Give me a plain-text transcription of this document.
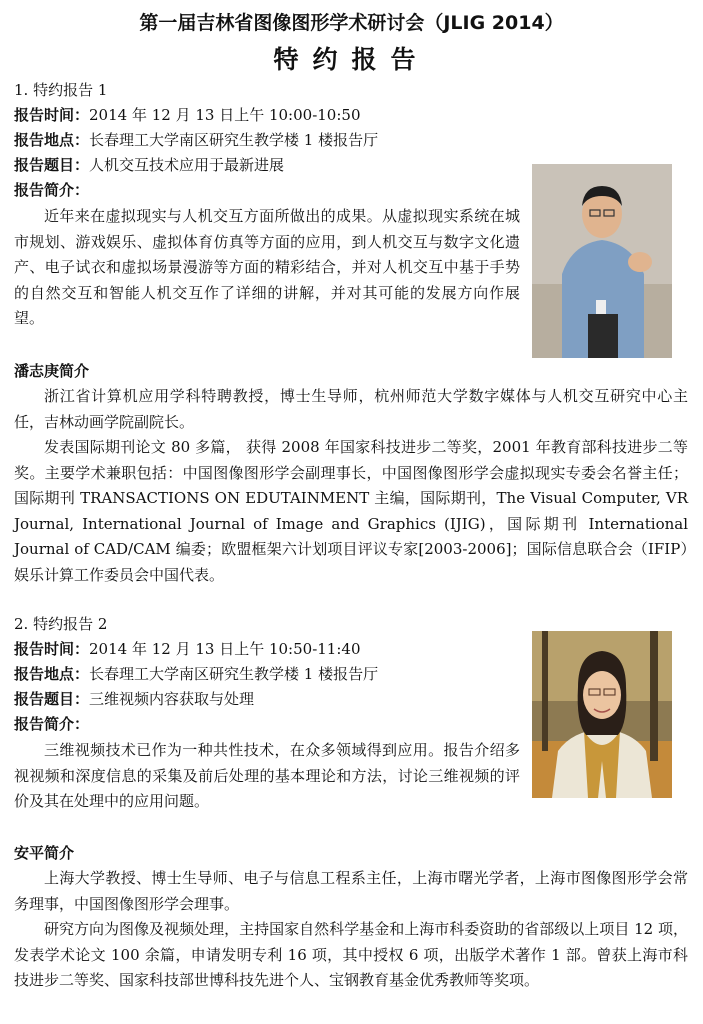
第一届吉林省图像图形学术研讨会（JLIG 2014）
特约报告
1. 特约报告 1
报告时间：2014 年 12 月 13 日上午 10:00-10:50
报告地点：长春理工大学南区研究生教学楼 1 楼报告厅
报告题目：人机交互技术应用于最新进展
报告简介：
近年来在虚拟现实与人机交互方面所做出的成果。从虚拟现实系统在城市规划、游戏娱乐、虚拟体育仿真等方面的应用，到人机交互与数字文化遗产、电子试衣和虚拟场景漫游等方面的精彩结合，并对人机交互中基于手势的自然交互和智能人机交互作了详细的讲解，并对其可能的发展方向作展望。
潘志庚简介
浙江省计算机应用学科特聘教授，博士生导师，杭州师范大学数字媒体与人机交互研究中心主任，吉林动画学院副院长。
发表国际期刊论文 80 多篇， 获得 2008 年国家科技进步二等奖，2001 年教育部科技进步二等奖。主要学术兼职包括：中国图像图形学会副理事长，中国图像图形学会虚拟现实专委会名誉主任；国际期刊 TRANSACTIONS ON EDUTAINMENT 主编，国际期刊，The Visual Computer, VR Journal, International Journal of Image and Graphics (IJIG)，国际期刊 International Journal of CAD/CAM 编委；欧盟框架六计划项目评议专家[2003-2006]；国际信息联合会（IFIP）娱乐计算工作委员会中国代表。
2. 特约报告 2
报告时间：2014 年 12 月 13 日上午 10:50-11:40
报告地点：长春理工大学南区研究生教学楼 1 楼报告厅
报告题目：三维视频内容获取与处理
报告简介：
三维视频技术已作为一种共性技术，在众多领域得到应用。报告介绍多视视频和深度信息的采集及前后处理的基本理论和方法，讨论三维视频的评价及其在处理中的应用问题。
安平简介
上海大学教授、博士生导师、电子与信息工程系主任，上海市曙光学者，上海市图像图形学会常务理事，中国图像图形学会理事。
研究方向为图像及视频处理，主持国家自然科学基金和上海市科委资助的省部级以上项目 12 项，发表学术论文 100 余篇，申请发明专利 16 项，其中授权 6 项，出版学术著作 1 部。曾获上海市科技进步二等奖、国家科技部世博科技先进个人、宝钢教育基金优秀教师等奖项。
